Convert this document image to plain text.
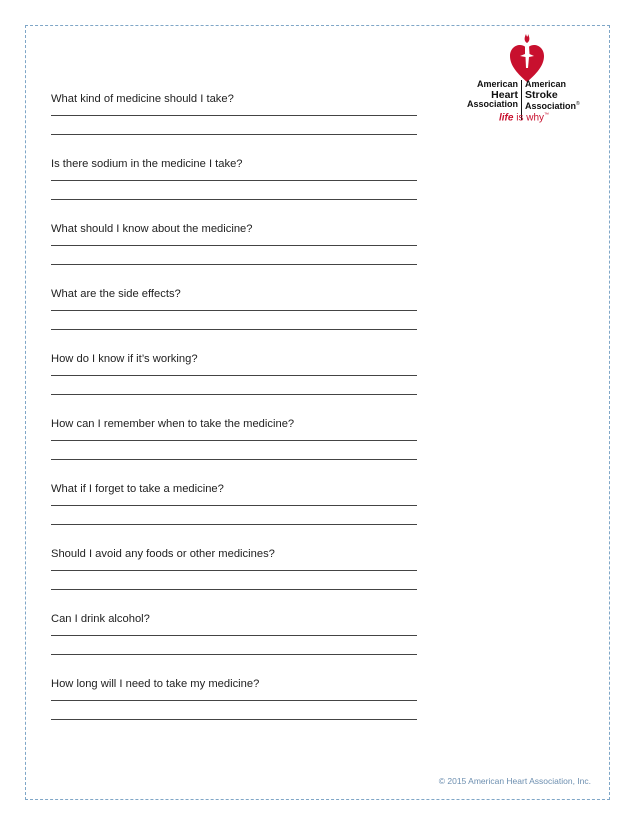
American
Heart
Association
American
Stroke
Association®
life is why™
What kind of medicine should I take?
Is there sodium in the medicine I take?
What should I know about the medicine?
What are the side effects?
How do I know if it’s working?
How can I remember when to take the medicine?
What if I forget to take a medicine?
Should I avoid any foods or other medicines?
Can I drink alcohol?
How long will I need to take my medicine?
© 2015 American Heart Association, Inc.
